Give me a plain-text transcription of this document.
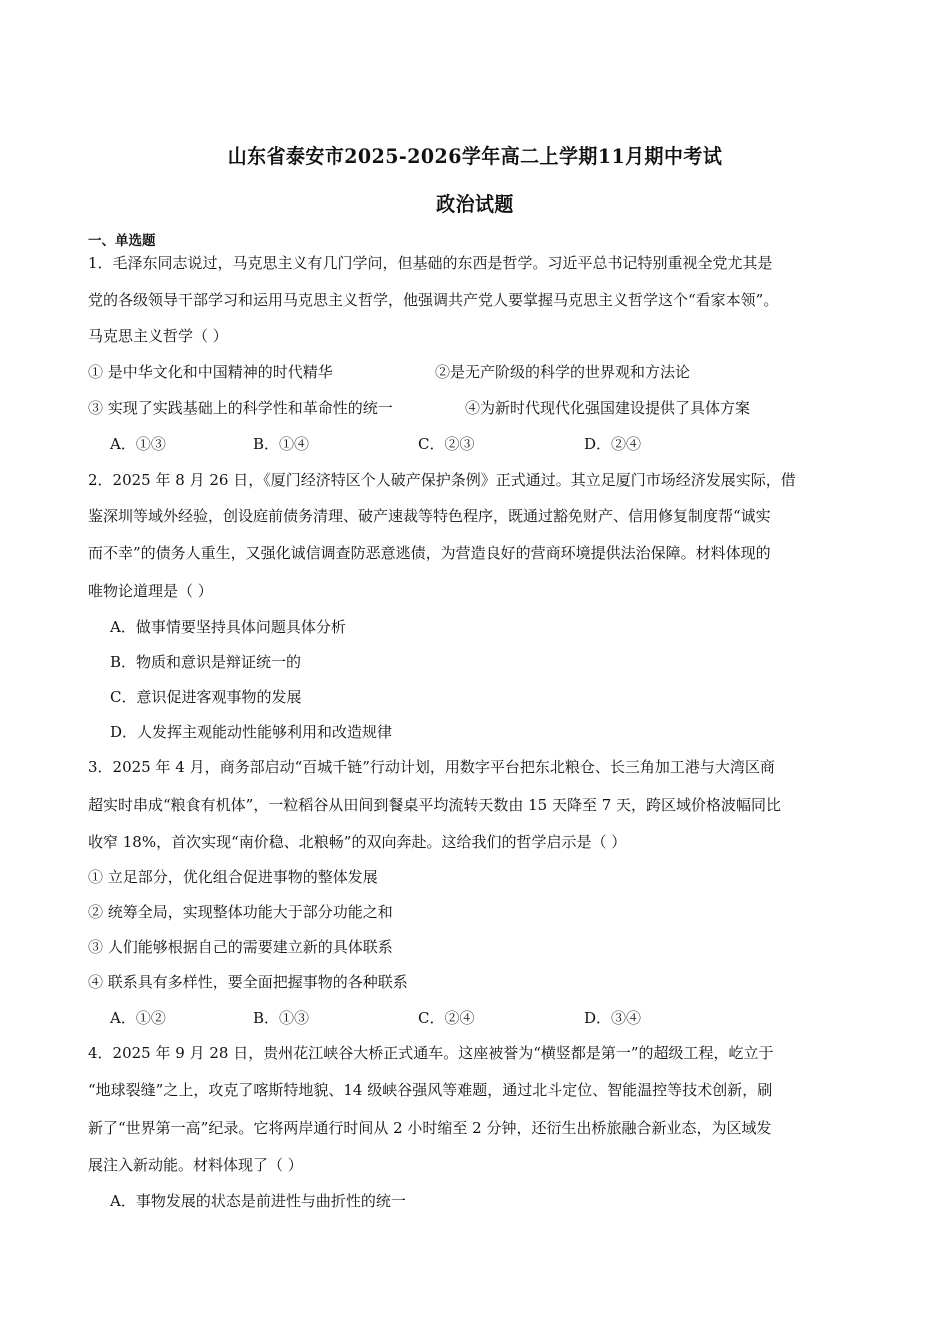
山东省泰安市2025-2026学年高二上学期11月期中考试
政治试题
一、单选题
1．毛泽东同志说过，马克思主义有几门学问，但基础的东西是哲学。习近平总书记特别重视全党尤其是
党的各级领导干部学习和运用马克思主义哲学，他强调共产党人要掌握马克思主义哲学这个“看家本领”。
马克思主义哲学（ ）
① 是中华文化和中国精神的时代精华	②是无产阶级的科学的世界观和方法论
③ 实现了实践基础上的科学性和革命性的统一	④为新时代现代化强国建设提供了具体方案
A．①③	B．①④	C．②③	D．②④
2．2025 年 8 月 26 日，《厦门经济特区个人破产保护条例》正式通过。其立足厦门市场经济发展实际，借
鉴深圳等域外经验，创设庭前债务清理、破产速裁等特色程序，既通过豁免财产、信用修复制度帮“诚实
而不幸”的债务人重生，又强化诚信调查防恶意逃债，为营造良好的营商环境提供法治保障。材料体现的
唯物论道理是（ ）
A．做事情要坚持具体问题具体分析
B．物质和意识是辩证统一的
C．意识促进客观事物的发展
D．人发挥主观能动性能够利用和改造规律
3．2025 年 4 月，商务部启动“百城千链”行动计划，用数字平台把东北粮仓、长三角加工港与大湾区商
超实时串成“粮食有机体”，一粒稻谷从田间到餐桌平均流转天数由 15 天降至 7 天，跨区域价格波幅同比
收窄 18%，首次实现“南价稳、北粮畅”的双向奔赴。这给我们的哲学启示是（ ）
① 立足部分，优化组合促进事物的整体发展
② 统筹全局，实现整体功能大于部分功能之和
③ 人们能够根据自己的需要建立新的具体联系
④ 联系具有多样性，要全面把握事物的各种联系
A．①②	B．①③	C．②④	D．③④
4．2025 年 9 月 28 日，贵州花江峡谷大桥正式通车。这座被誉为“横竖都是第一”的超级工程，屹立于
“地球裂缝”之上，攻克了喀斯特地貌、14 级峡谷强风等难题，通过北斗定位、智能温控等技术创新，刷
新了“世界第一高”纪录。它将两岸通行时间从 2 小时缩至 2 分钟，还衍生出桥旅融合新业态，为区域发
展注入新动能。材料体现了（ ）
A．事物发展的状态是前进性与曲折性的统一
